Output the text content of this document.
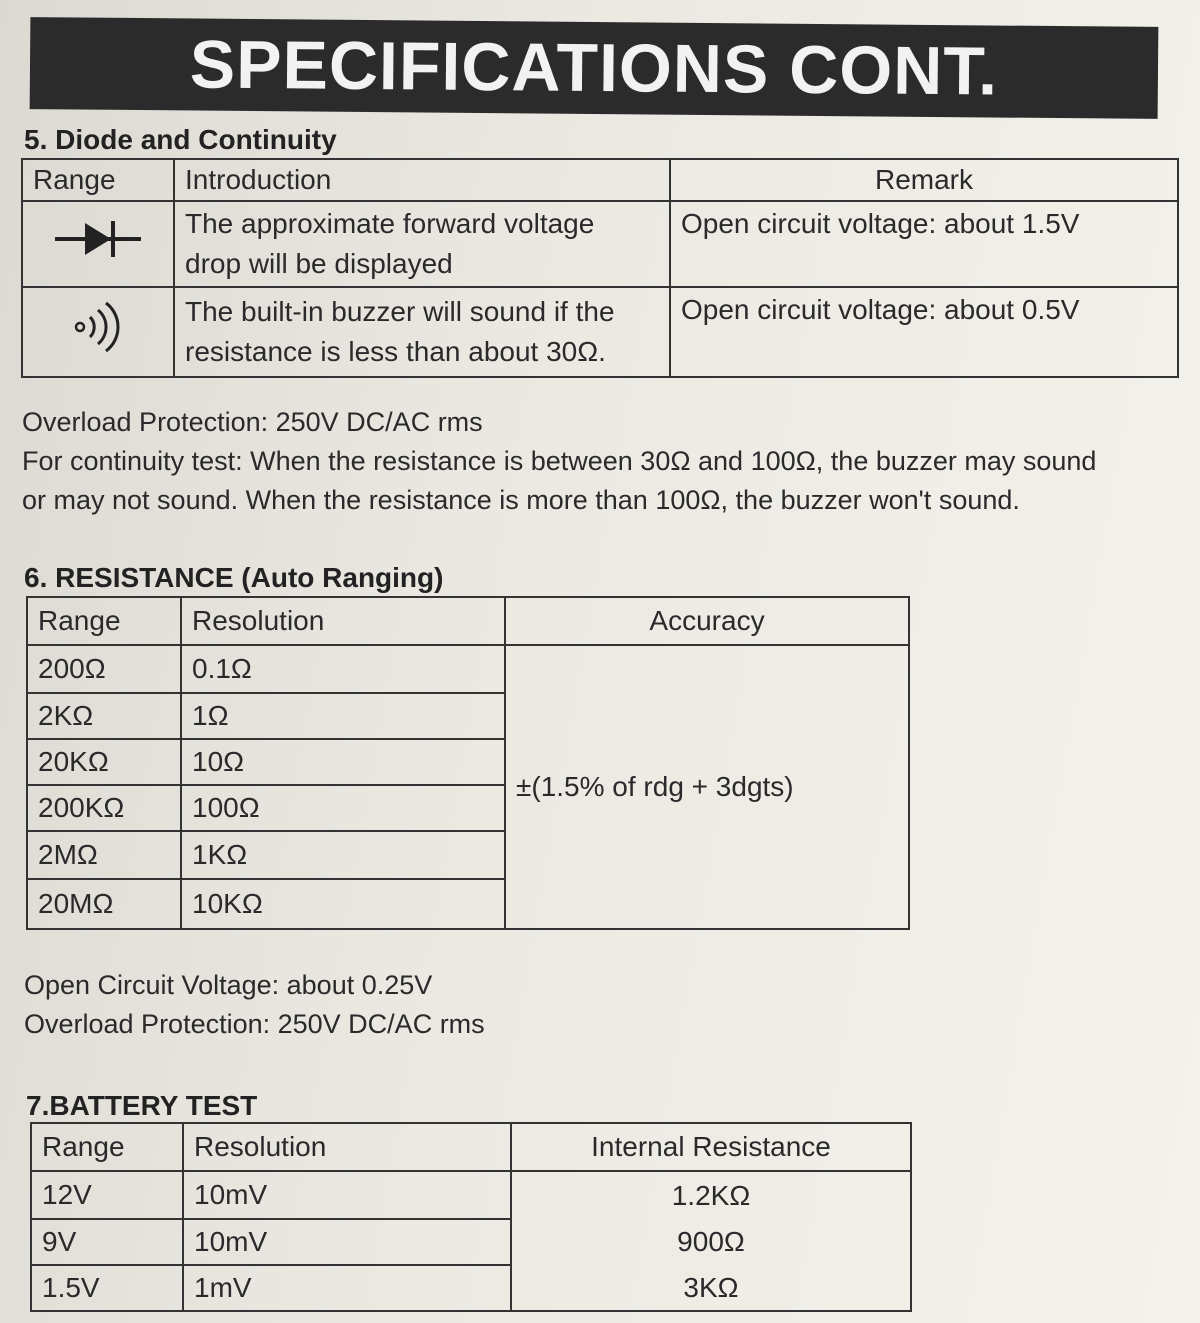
SPECIFICATIONS CONT.
5. Diode and Continuity
Range	Introduction	Remark

The approximate forward voltage
drop will be displayed	Open circuit voltage: about 1.5V

The built-in buzzer will sound if the
resistance is less than about 30Ω.	Open circuit voltage: about 0.5V
Overload Protection: 250V DC/AC rms
For continuity test: When the resistance is between 30Ω and 100Ω, the buzzer may sound
or may not sound. When the resistance is more than 100Ω, the buzzer won't sound.
6. RESISTANCE (Auto Ranging)
Range	Resolution	Accuracy
200Ω	0.1Ω	±(1.5% of rdg + 3dgts)
2KΩ	1Ω	
20KΩ	10Ω	
200KΩ	100Ω	
2MΩ	1KΩ	
20MΩ	10KΩ	
Open Circuit Voltage: about 0.25V
Overload Protection: 250V DC/AC rms
7.BATTERY TEST
Range	Resolution	Internal Resistance
12V	10mV	1.2KΩ
9V	10mV	900Ω
1.5V	1mV	3KΩ
